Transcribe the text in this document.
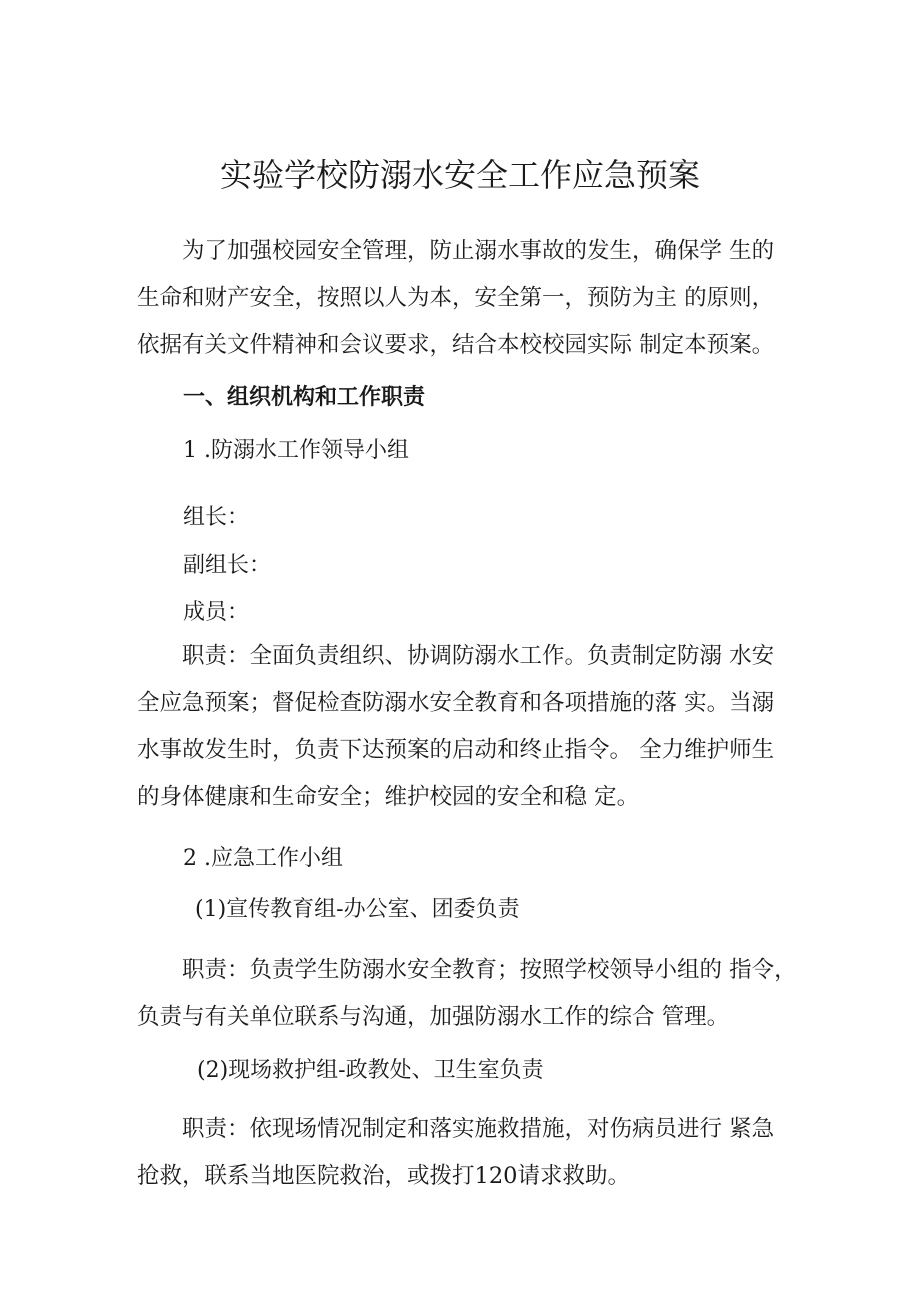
实验学校防溺水安全工作应急预案
为了加强校园安全管理，防止溺水事故的发生，确保学 生的
生命和财产安全，按照以人为本，安全第一，预防为主 的原则，
依据有关文件精神和会议要求，结合本校校园实际 制定本预案。
一、组织机构和工作职责
1 .防溺水工作领导小组
组长：
副组长：
成员：
职责：全面负责组织、协调防溺水工作。负责制定防溺 水安
全应急预案；督促检查防溺水安全教育和各项措施的落 实。当溺
水事故发生时，负责下达预案的启动和终止指令。 全力维护师生
的身体健康和生命安全；维护校园的安全和稳 定。
2 .应急工作小组
(1)宣传教育组-办公室、团委负责
职责：负责学生防溺水安全教育；按照学校领导小组的 指令，
负责与有关单位联系与沟通，加强防溺水工作的综合 管理。
(2)现场救护组-政教处、卫生室负责
职责：依现场情况制定和落实施救措施，对伤病员进行 紧急
抢救，联系当地医院救治，或拨打120请求救助。
